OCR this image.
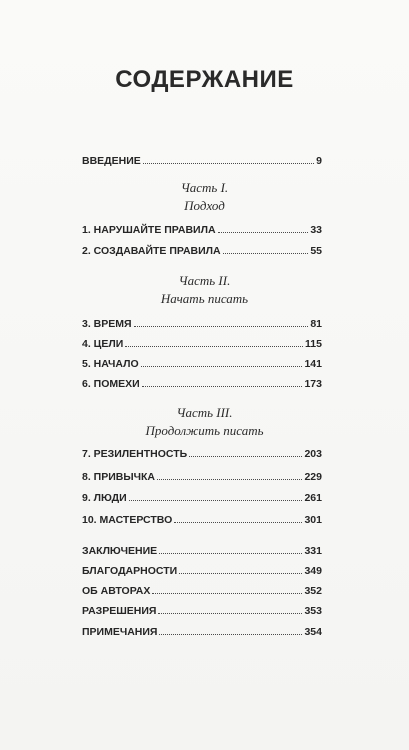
СОДЕРЖАНИЕ
ВВЕДЕНИЕ	9
Часть I.
Подход
1. НАРУШАЙТЕ ПРАВИЛА	33
2. СОЗДАВАЙТЕ ПРАВИЛА	55
Часть II.
Начать писать
3. ВРЕМЯ	81
4. ЦЕЛИ	115
5. НАЧАЛО	141
6. ПОМЕХИ	173
Часть III.
Продолжить писать
7. РЕЗИЛЕНТНОСТЬ	203
8. ПРИВЫЧКА	229
9. ЛЮДИ	261
10. МАСТЕРСТВО	301
ЗАКЛЮЧЕНИЕ	331
БЛАГОДАРНОСТИ	349
ОБ АВТОРАХ	352
РАЗРЕШЕНИЯ	353
ПРИМЕЧАНИЯ	354
